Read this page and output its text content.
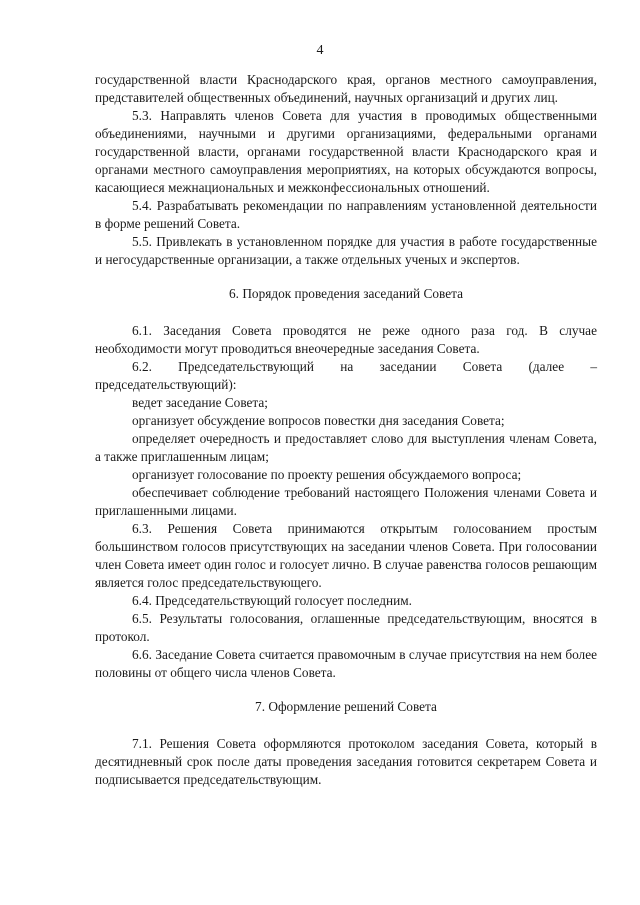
4

государственной власти Краснодарского края, органов местного самоуправления, представителей общественных объединений, научных организаций и других лиц.

5.3. Направлять членов Совета для участия в проводимых общественными объединениями, научными и другими организациями, федеральными органами государственной власти, органами государственной власти Краснодарского края и органами местного самоуправления мероприятиях, на которых обсуждаются вопросы, касающиеся межнациональных и межконфессиональных отношений.

5.4. Разрабатывать рекомендации по направлениям установленной деятельности в форме решений Совета.

5.5. Привлекать в установленном порядке для участия в работе государственные и негосударственные организации, а также отдельных ученых и экспертов.

6. Порядок проведения заседаний Совета

6.1. Заседания Совета проводятся не реже одного раза год. В случае необходимости могут проводиться внеочередные заседания Совета.

6.2. Председательствующий на заседании Совета (далее – председательствующий):

ведет заседание Совета;

организует обсуждение вопросов повестки дня заседания Совета;

определяет очередность и предоставляет слово для выступления членам Совета, а также приглашенным лицам;

организует голосование по проекту решения обсуждаемого вопроса;

обеспечивает соблюдение требований настоящего Положения членами Совета и приглашенными лицами.

6.3. Решения Совета принимаются открытым голосованием простым большинством голосов присутствующих на заседании членов Совета. При голосовании член Совета имеет один голос и голосует лично. В случае равенства голосов решающим является голос председательствующего.

6.4. Председательствующий голосует последним.

6.5. Результаты голосования, оглашенные председательствующим, вносятся в протокол.

6.6. Заседание Совета считается правомочным в случае присутствия на нем более половины от общего числа членов Совета.

7. Оформление решений Совета

7.1. Решения Совета оформляются протоколом заседания Совета, который в десятидневный срок после даты проведения заседания готовится секретарем Совета и подписывается председательствующим.
